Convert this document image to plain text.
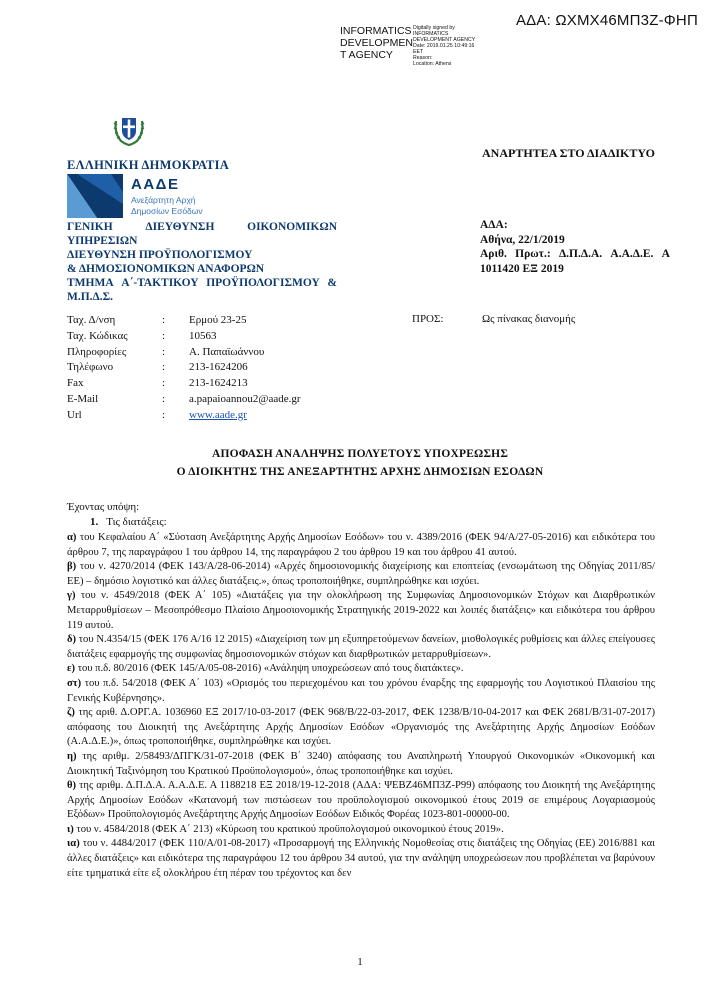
ΑΔΑ: ΩΧΜΧ46ΜΠ3Ζ-ΦΗΠ
INFORMATICS
DEVELOPMEN
T AGENCY
Digitally signed by
INFORMATICS
DEVELOPMENT AGENCY
Date: 2019.01.25 10:49:16
EET
Reason:
Location: Athens
ΕΛΛΗΝΙΚΗ ΔΗΜΟΚΡΑΤΙΑ
ΑΝΑΡΤΗΤΕΑ ΣΤΟ ΔΙΑΔΙΚΤΥΟ
ΑΑΔΕ
Ανεξάρτητη Αρχή
Δημοσίων Εσόδων
ΓΕΝΙΚΗ	ΔΙΕΥΘΥΝΣΗ	ΟΙΚΟΝΟΜΙΚΩΝ
ΥΠΗΡΕΣΙΩΝ
ΔΙΕΥΘΥΝΣΗ ΠΡΟΫΠΟΛΟΓΙΣΜΟΥ
& ΔΗΜΟΣΙΟΝΟΜΙΚΩΝ ΑΝΑΦΟΡΩΝ
ΤΜΗΜΑ Α΄-ΤΑΚΤΙΚΟΥ ΠΡΟΫΠΟΛΟΓΙΣΜΟΥ &
Μ.Π.Δ.Σ.
ΑΔΑ:
Αθήνα, 22/1/2019
Αριθ. Πρωτ.: Δ.Π.Δ.Α. Α.Α.Δ.Ε. Α
1011420 ΕΞ 2019
Ταχ. Δ/νση	:	Ερμού 23-25
Ταχ. Κώδικας	:	10563
Πληροφορίες	:	Α. Παπαϊωάννου
Τηλέφωνο	:	213-1624206
Fax	:	213-1624213
E-Mail	:	a.papaioannou2@aade.gr
Url	:	www.aade.gr
ΠΡΟΣ:	Ως πίνακας διανομής
ΑΠΟΦΑΣΗ ΑΝΑΛΗΨΗΣ ΠΟΛΥΕΤΟΥΣ ΥΠΟΧΡΕΩΣΗΣ
Ο ΔΙΟΙΚΗΤΗΣ ΤΗΣ ΑΝΕΞΑΡΤΗΤΗΣ ΑΡΧΗΣ ΔΗΜΟΣΙΩΝ ΕΣΟΔΩΝ
Έχοντας υπόψη:
1. Τις διατάξεις:

α) του Κεφαλαίου Α΄ «Σύσταση Ανεξάρτητης Αρχής Δημοσίων Εσόδων» του ν. 4389/2016 (ΦΕΚ 94/Α/27-05-2016) και ειδικότερα του άρθρου 7, της παραγράφου 1 του άρθρου 14, της παραγράφου 2 του άρθρου 19 και του άρθρου 41 αυτού.

β) του ν. 4270/2014 (ΦΕΚ 143/Α/28-06-2014) «Αρχές δημοσιονομικής διαχείρισης και εποπτείας (ενσωμάτωση της Οδηγίας 2011/85/ΕΕ) – δημόσιο λογιστικό και άλλες διατάξεις.», όπως τροποποιήθηκε, συμπληρώθηκε και ισχύει.

γ) του ν. 4549/2018 (ΦΕΚ Α΄ 105) «Διατάξεις για την ολοκλήρωση της Συμφωνίας Δημοσιονομικών Στόχων και Διαρθρωτικών Μεταρρυθμίσεων – Μεσοπρόθεσμο Πλαίσιο Δημοσιονομικής Στρατηγικής 2019-2022 και λοιπές διατάξεις» και ειδικότερα του άρθρου 119 αυτού.

δ) του Ν.4354/15 (ΦΕΚ 176 Α/16 12 2015) «Διαχείριση των μη εξυπηρετούμενων δανείων, μισθολογικές ρυθμίσεις και άλλες επείγουσες διατάξεις εφαρμογής της συμφωνίας δημοσιονομικών στόχων και διαρθρωτικών μεταρρυθμίσεων».

ε) του π.δ. 80/2016 (ΦΕΚ 145/Α/05-08-2016) «Ανάληψη υποχρεώσεων από τους διατάκτες».

στ) του π.δ. 54/2018 (ΦΕΚ Α΄ 103) «Ορισμός του περιεχομένου και του χρόνου έναρξης της εφαρμογής του Λογιστικού Πλαισίου της Γενικής Κυβέρνησης».

ζ) της αριθ. Δ.ΟΡΓ.Α. 1036960 ΕΞ 2017/10-03-2017 (ΦΕΚ 968/Β/22-03-2017, ΦΕΚ 1238/Β/10-04-2017 και ΦΕΚ 2681/Β/31-07-2017) απόφασης του Διοικητή της Ανεξάρτητης Αρχής Δημοσίων Εσόδων «Οργανισμός της Ανεξάρτητης Αρχής Δημοσίων Εσόδων (Α.Α.Δ.Ε.)», όπως τροποποιήθηκε, συμπληρώθηκε και ισχύει.

η) της αριθμ. 2/58493/ΔΠΓΚ/31-07-2018 (ΦΕΚ Β΄ 3240) απόφασης του Αναπληρωτή Υπουργού Οικονομικών «Οικονομική και Διοικητική Ταξινόμηση του Κρατικού Προϋπολογισμού», όπως τροποποιήθηκε και ισχύει.

θ) της αριθμ. Δ.Π.Δ.Α. Α.Α.Δ.Ε. Α 1188218 ΕΞ 2018/19-12-2018 (ΑΔΑ: ΨΕΒΖ46ΜΠ3Ζ-Ρ99) απόφασης του Διοικητή της Ανεξάρτητης Αρχής Δημοσίων Εσόδων «Κατανομή των πιστώσεων του προϋπολογισμού οικονομικού έτους 2019 σε επιμέρους Λογαριασμούς Εξόδων» Προϋπολογισμός Ανεξάρτητης Αρχής Δημοσίων Εσόδων Ειδικός Φορέας 1023-801-00000-00.

ι) του ν. 4584/2018 (ΦΕΚ Α΄ 213) «Κύρωση του κρατικού προϋπολογισμού οικονομικού έτους 2019».

ια) του ν. 4484/2017 (ΦΕΚ 110/Α/01-08-2017) «Προσαρμογή της Ελληνικής Νομοθεσίας στις διατάξεις της Οδηγίας (ΕΕ) 2016/881 και άλλες διατάξεις» και ειδικότερα της παραγράφου 12 του άρθρου 34 αυτού, για την ανάληψη υποχρεώσεων που προβλέπεται να βαρύνουν είτε τμηματικά είτε εξ ολοκλήρου έτη πέραν του τρέχοντος και δεν

1
